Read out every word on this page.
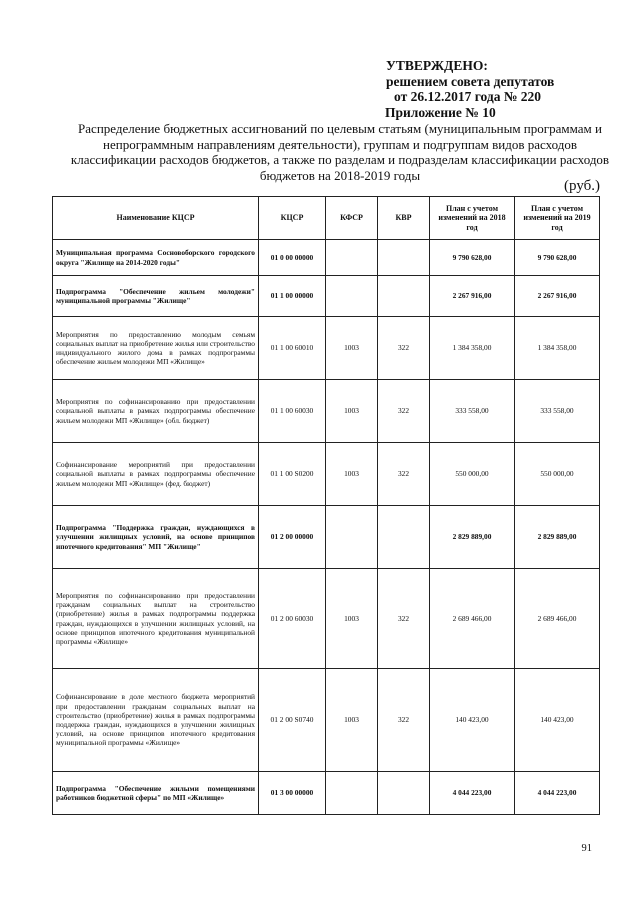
УТВЕРЖДЕНО:
решением совета депутатов
от 26.12.2017 года № 220
Приложение № 10
Распределение бюджетных ассигнований по целевым статьям (муниципальным программам и непрограммным направлениям деятельности), группам и подгруппам видов расходов классификации расходов бюджетов, а также по разделам и подразделам классификации расходов бюджетов на 2018-2019 годы
(руб.)
Наименование КЦСР	КЦСР	КФСР	КВР	План с учетом изменений на 2018 год	План с учетом изменений на 2019 год
Муниципальная программа Сосновоборского городского округа "Жилище на 2014-2020 годы"	01 0 00 00000			9 790 628,00	9 790 628,00
Подпрограмма "Обеспечение жильем молодежи" муниципальной программы "Жилище"	01 1 00 00000			2 267 916,00	2 267 916,00
Мероприятия по предоставлению молодым семьям социальных выплат на приобретение жилья или строительство индивидуального жилого дома в рамках подпрограммы обеспечение жильем молодежи МП «Жилище»	01 1 00 60010	1003	322	1 384 358,00	1 384 358,00
Мероприятия по софинансированию при предоставлении социальной выплаты в рамках подпрограммы обеспечение жильем молодежи МП «Жилище» (обл. бюджет)	01 1 00 60030	1003	322	333 558,00	333 558,00
Софинансирование мероприятий при предоставлении социальной выплаты в рамках подпрограммы обеспечение жильем молодежи МП «Жилище» (фед. бюджет)	01 1 00 S0200	1003	322	550 000,00	550 000,00
Подпрограмма "Поддержка граждан, нуждающихся в улучшении жилищных условий, на основе принципов ипотечного кредитования" МП "Жилище"	01 2 00 00000			2 829 889,00	2 829 889,00
Мероприятия по софинансированию при предоставлении гражданам социальных выплат на строительство (приобретение) жилья в рамках подпрограммы поддержка граждан, нуждающихся в улучшении жилищных условий, на основе принципов ипотечного кредитования муниципальной программы «Жилище»	01 2 00 60030	1003	322	2 689 466,00	2 689 466,00
Софинансирование в доле местного бюджета мероприятий при предоставлении гражданам социальных выплат на строительство (приобретение) жилья в рамках подпрограммы поддержка граждан, нуждающихся в улучшении жилищных условий, на основе принципов ипотечного кредитования муниципальной программы «Жилище»	01 2 00 S0740	1003	322	140 423,00	140 423,00
Подпрограмма "Обеспечение жилыми помещениями работников бюджетной сферы" по МП «Жилище»	01 3 00 00000			4 044 223,00	4 044 223,00
91
